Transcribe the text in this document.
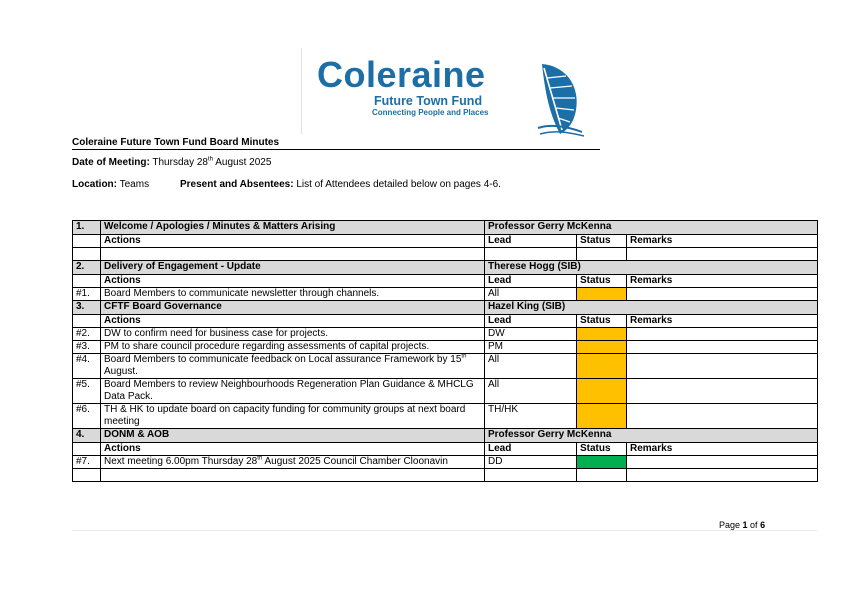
Coleraine
Future Town Fund
Connecting People and Places
Coleraine Future Town Fund Board Minutes
Date of Meeting: Thursday 28th August 2025
Location: Teams	Present and Absentees: List of Attendees detailed below on pages 4-6.
1.	Welcome / Apologies / Minutes & Matters Arising	Professor Gerry McKenna		
	Actions	Lead	Status	Remarks

2.	Delivery of Engagement - Update	Therese Hogg (SIB)		
	Actions	Lead	Status	Remarks
#1.	Board Members to communicate newsletter through channels.	All		
3.	CFTF Board Governance	Hazel King (SIB)		
	Actions	Lead	Status	Remarks
#2.	DW to confirm need for business case for projects.	DW		
#3.	PM to share council procedure regarding assessments of capital projects.	PM		
#4.	Board Members to communicate feedback on Local assurance Framework by 15th August.	All		
#5.	Board Members to review Neighbourhoods Regeneration Plan Guidance & MHCLG Data Pack.	All		
#6.	TH & HK to update board on capacity funding for community groups at next board meeting	TH/HK		
4.	DONM & AOB	Professor Gerry McKenna		
	Actions	Lead	Status	Remarks
#7.	Next meeting 6.00pm Thursday 28th August 2025 Council Chamber Cloonavin	DD		

Page 1 of 6
